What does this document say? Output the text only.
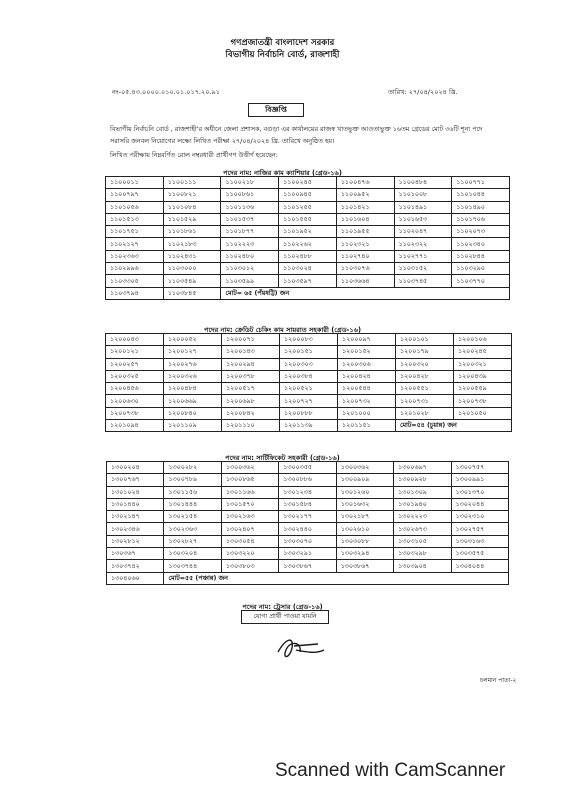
গণপ্রজাতন্ত্রী বাংলাদেশ সরকার
বিভাগীয় নির্বাচনি বোর্ড, রাজশাহী
নং-০৫.৪৩.০০০০.০১০.০১.০১৭.২০.৯১	তারিখ: ২৭/০৪/২০২৪ খ্রি.
বিজ্ঞপ্তি
বিভাগীয় নির্বাচনি বোর্ড , রাজশাহী'র অধীনে জেলা প্রশাসক, বগুড়া এর কার্যালয়ের রাজস্ব খাতভুক্ত আওতাভুক্ত ১৬তম গ্রেডের মোট ৩৬টি শূন্য পদে সরাসরি জনবল নিয়োগের লক্ষ্যে লিখিত পরীক্ষা ২৭/০৪/২০২৪ খ্রি. তারিখে অনুষ্ঠিত হয়।
লিখিত পরীক্ষায় নিম্নবর্ণিত রোল নম্বরধারী প্রার্থীগণ উত্তীর্ণ হয়েছেন:
পদের নাম: নাজির কাম ক্যাশিয়ার (গ্রেড-১৬)
১১০০০১১	১১০০১১১	১১০০২১৮	১১০০২৪৫	১১০০৪৭৬	১১০০৪৮৪	১১০০৭৭১
১১০০৭৯৭	১১০০৮২১	১১০০৮৬১	১১০০৯৪৫	১১০০৯৫২	১১০১০০৮	১১০১০৪৪
১১০১০৫৬	১১০১০৮৪	১১০১১৩৬	১১০১২৫৫	১১০১৪২১	১১০১৪৯১	১১০১৪৯০
১১০১৫১৩	১১০১৫২৯	১১০১৫৩৭	১১০১৫৫৫	১১০১৬০৪	১১০১৬৫৩	১১০১৭০৬
১১০১৭৫১	১১০১৮৬১	১১০১৮৭৭	১১০১৯৫২	১১০১৯৫৫	১১০২০৪৭	১১০২০৭৩
১১০২১২৭	১১০২১৮৩	১১০২২২৩	১১০২২৬২	১১০২৩২১	১১০২৩২২	১১০২৩৪০
১১০২৩৬৩	১১০২৪৩১	১১০২৪৮০	১১০২৪৮৮	১১০২৭৪০	১১০২৭৭১	১১০২৮৪৪
১১০২৯৯৬	১১০৩০০০	১১০৩০১২	১১০৩০২৪	১১০৩০৭৬	১১০৩১৫২	১১০৩২৯০
১১০৩৩০৫	১১০৩৫৪৯	১১০৩৫৯৯	১১০৩৫৯৭	১১০৩৬৬৪	১১০৩৭৪৫	১১০৩৭৭০
১১০৩৭৯৪	১১০৩৮৪৫	মোট= ৬৫ (পঁয়ষট্টি) জন				
পদের নাম: ক্রেডিট চেকিং কাম সায়রাত সহকারী (গ্রেড-১৬)
১২০০০৪৩	১২০০০৫২	১২০০০৭১	১২০০০৮৩	১২০০০৯৭	১২০০১০১	১২০০১০৬
১২০০১২১	১২০০১২৭	১২০০১৪৩	১২০০১৫১	১২০০১৫২	১২০০১৭৯	১২০০২৪৫
১২০০২৫৭	১২০০২৭৬	১২০০২৯৪	১২০০৩০৩	১২০০৩০৬	১২০০৩২০	১২০০৩২১
১২০০৩২৫	১২০০৩২৬	১২০০৩৭৮	১২০০৩৮৪	১২০০৪২৪	১২০০৪২৮	১২০০৪৩৯
১২০০৪৫৬	১২০০৪৮৪	১২০০৫১৭	১২০০৫২১	১২০০৫৪৪	১২০০৫৫১	১২০০৫৫৯
১২০০৬৩০	১২০০৬৬৯	১২০০৬৯৮	১২০০৭২৭	১২০০৭৩২	১২০০৭৩১	১২০০৭৩৮
১২০০৭৩৮	১২০০৮৪০	১২০০৮৪২	১২০০৮৮৮	১২০১০০০	১২০১০২৮	১২০১০৫০
১২০১০৯৪	১২০১১০৯	১২০১১১০	১২০১১৩৯	১২০১১৫১	মোট=৫৪ (চুয়ান্ন) জন	
পদের নাম: সার্টিফিকেট সহকারী (গ্রেড-১৬)
১৩০০২০৪	১৩০০২৮২	১৩০০৩৬২	১৩০০৩৫৫	১৩০০৩৬২	১৩০০৬৯৭	১৩০০৭৫৭
১৩০০৭৬৭	১৩০০৭৮৯	১৩০০৮৬৫	১৩০০৮৮৬	১৩০০৯০৯	১৩০০৯২৮	১৩০০৯৯১
১৩০১০২৪	১৩০১১৫৬	১৩০১১৬৬	১৩০১২৩৪	১৩০১২৬০	১৩০১৩০৯	১৩০১৩৭০
১৩০১৪৪০	১৩০১৪৪৪	১৩০১৫৭০	১৩০১৫৮৪	১৩০১৬৩২	১৩০১৯৪০	১৩০২০৪৪
১৩০২১৪৭	১৩০২১৫৪	১৩০২১৬৩	১৩০২১৭৭	১৩০২১৮৭	১৩০২২২৩	১৩০২৩১০
১৩০২৩৪৬	১৩০২৩৬৩	১৩০২৪০৭	১৩০২৪৪০	১৩০২৬১০	১৩০২৬৭৩	১৩০২৭৫৭
১৩০২৮১২	১৩০২৮২৭	১৩০৩০৫৪	১৩০৩০৭০	১৩০৩০৮৮	১৩০৩১০৫	১৩০৩১৬৩
১৩০৩৬৭	১৩০৩২০৪	১৩০৩২২০	১৩০৩২৯১	১৩০৩২৯৪	১৩০৩২৯৮	১৩০৩৫৭৫
১৩০৩৭৪২	১৩০৩৭৪৪	১৩০৩৮০৩	১৩০৩৮৬৭	১৩০৩৮৬৭	১৩০৩৯০৪	১৩০৪০৪৪
১৩০৪০৬০	মোট=৫৫ (পঞ্চান্ন) জন					
পদের নাম: ট্রেসার (গ্রেড-১৬)
যোগ্য প্রার্থী পাওয়া যায়নি
চলমান পাতা-২
Scanned with CamScanner
